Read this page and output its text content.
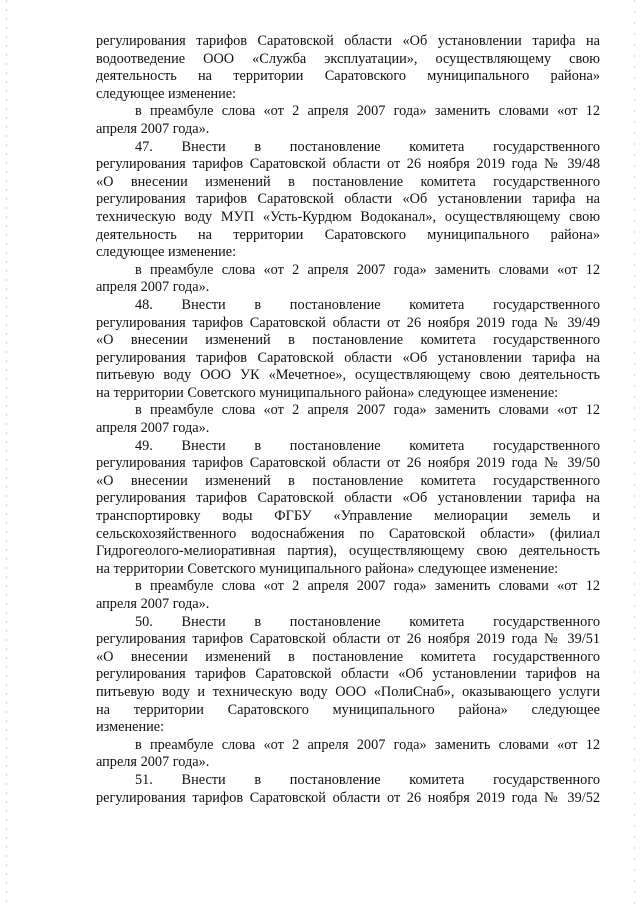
регулирования тарифов Саратовской области «Об установлении тарифа на
водоотведение ООО «Служба эксплуатации», осуществляющему свою
деятельность на территории Саратовского муниципального района»
следующее изменение:
в преамбуле слова «от 2 апреля 2007 года» заменить словами «от 12
апреля 2007 года».
47. Внести в постановление комитета государственного
регулирования тарифов Саратовской области от 26 ноября 2019 года № 39/48
«О внесении изменений в постановление комитета государственного
регулирования тарифов Саратовской области «Об установлении тарифа на
техническую воду МУП «Усть-Курдюм Водоканал», осуществляющему свою
деятельность на территории Саратовского муниципального района»
следующее изменение:
в преамбуле слова «от 2 апреля 2007 года» заменить словами «от 12
апреля 2007 года».
48. Внести в постановление комитета государственного
регулирования тарифов Саратовской области от 26 ноября 2019 года № 39/49
«О внесении изменений в постановление комитета государственного
регулирования тарифов Саратовской области «Об установлении тарифа на
питьевую воду ООО УК «Мечетное», осуществляющему свою деятельность
на территории Советского муниципального района» следующее изменение:
в преамбуле слова «от 2 апреля 2007 года» заменить словами «от 12
апреля 2007 года».
49. Внести в постановление комитета государственного
регулирования тарифов Саратовской области от 26 ноября 2019 года № 39/50
«О внесении изменений в постановление комитета государственного
регулирования тарифов Саратовской области «Об установлении тарифа на
транспортировку воды ФГБУ «Управление мелиорации земель и
сельскохозяйственного водоснабжения по Саратовской области» (филиал
Гидрогеолого-мелиоративная партия), осуществляющему свою деятельность
на территории Советского муниципального района» следующее изменение:
в преамбуле слова «от 2 апреля 2007 года» заменить словами «от 12
апреля 2007 года».
50. Внести в постановление комитета государственного
регулирования тарифов Саратовской области от 26 ноября 2019 года № 39/51
«О внесении изменений в постановление комитета государственного
регулирования тарифов Саратовской области «Об установлении тарифов на
питьевую воду и техническую воду ООО «ПолиСнаб», оказывающего услуги
на территории Саратовского муниципального района» следующее
изменение:
в преамбуле слова «от 2 апреля 2007 года» заменить словами «от 12
апреля 2007 года».
51. Внести в постановление комитета государственного
регулирования тарифов Саратовской области от 26 ноября 2019 года № 39/52
